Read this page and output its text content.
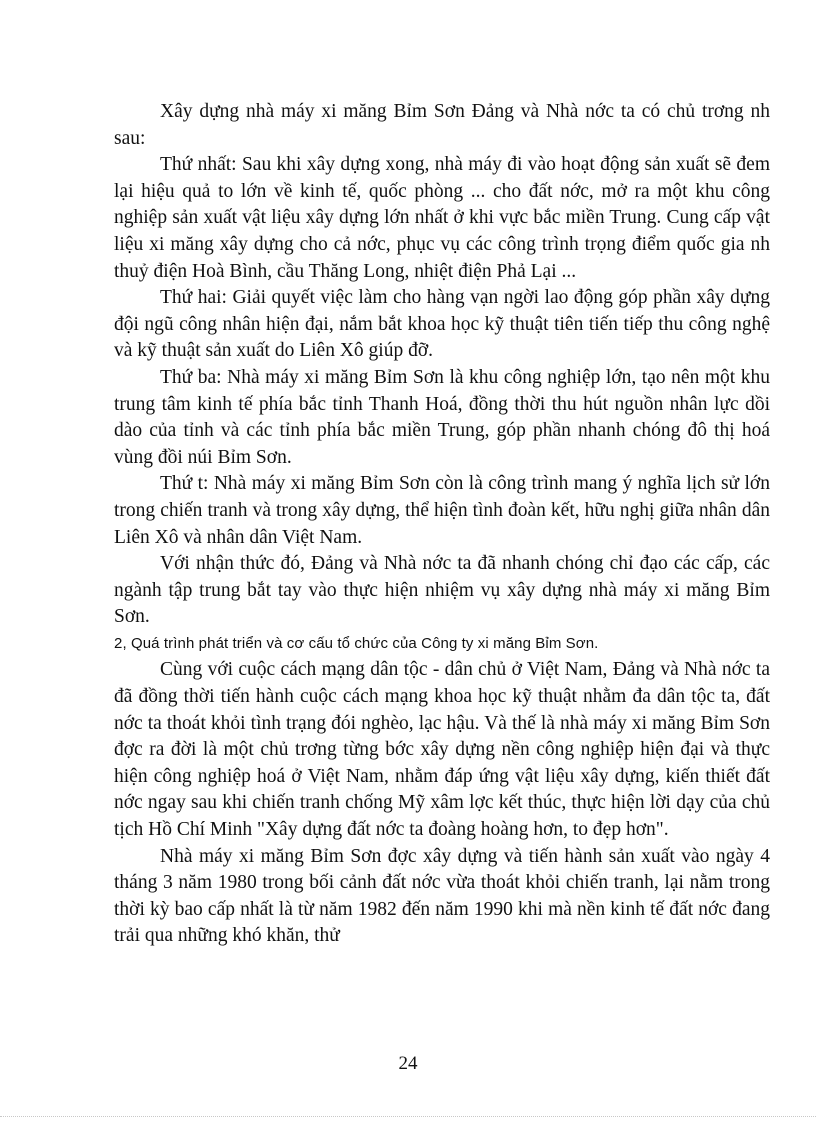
Xây dựng nhà máy xi măng Bỉm Sơn Đảng và Nhà nớc ta có chủ trơng nh sau:

Thứ nhất: Sau khi xây dựng xong, nhà máy đi vào hoạt động sản xuất sẽ đem lại hiệu quả to lớn về kinh tế, quốc phòng ... cho đất nớc, mở ra một khu công nghiệp sản xuất vật liệu xây dựng lớn nhất ở khi vực bắc miền Trung. Cung cấp vật liệu xi măng xây dựng cho cả nớc, phục vụ các công trình trọng điểm quốc gia nh thuỷ điện Hoà Bình, cầu Thăng Long, nhiệt điện Phả Lại ...

Thứ hai: Giải quyết việc làm cho hàng vạn ngời lao động góp phần xây dựng đội ngũ công nhân hiện đại, nắm bắt khoa học kỹ thuật tiên tiến tiếp thu công nghệ và kỹ thuật sản xuất do Liên Xô giúp đỡ.

Thứ ba: Nhà máy xi măng Bỉm Sơn là khu công nghiệp lớn, tạo nên một khu trung tâm kinh tế phía bắc tỉnh Thanh Hoá, đồng thời thu hút nguồn nhân lực dồi dào của tỉnh và các tỉnh phía bắc miền Trung, góp phần nhanh chóng đô thị hoá vùng đồi núi Bỉm Sơn.

Thứ t: Nhà máy xi măng Bỉm Sơn còn là công trình mang ý nghĩa lịch sử lớn trong chiến tranh và trong xây dựng, thể hiện tình đoàn kết, hữu nghị giữa nhân dân Liên Xô và nhân dân Việt Nam.

Với nhận thức đó, Đảng và Nhà nớc ta đã nhanh chóng chỉ đạo các cấp, các ngành tập trung bắt tay vào thực hiện nhiệm vụ xây dựng nhà máy xi măng Bỉm Sơn.

2, Quá trình phát triển và cơ cấu tổ chức của Công ty xi măng Bỉm Sơn.

Cùng với cuộc cách mạng dân tộc - dân chủ ở Việt Nam, Đảng và Nhà nớc ta đã đồng thời tiến hành cuộc cách mạng khoa học kỹ thuật nhằm đa dân tộc ta, đất nớc ta thoát khỏi tình trạng đói nghèo, lạc hậu. Và thế là nhà máy xi măng Bỉm Sơn đợc ra đời là một chủ trơng từng bớc xây dựng nền công nghiệp hiện đại và thực hiện công nghiệp hoá ở Việt Nam, nhằm đáp ứng vật liệu xây dựng, kiến thiết đất nớc ngay sau khi chiến tranh chống Mỹ xâm lợc kết thúc, thực hiện lời dạy của chủ tịch Hồ Chí Minh "Xây dựng đất nớc ta đoàng hoàng hơn, to đẹp hơn".

Nhà máy xi măng Bỉm Sơn đợc xây dựng và tiến hành sản xuất vào ngày 4 tháng 3 năm 1980 trong bối cảnh đất nớc vừa thoát khỏi chiến tranh, lại nằm trong thời kỳ bao cấp nhất là từ năm 1982 đến năm 1990 khi mà nền kinh tế đất nớc đang trải qua những khó khăn, thử

24
